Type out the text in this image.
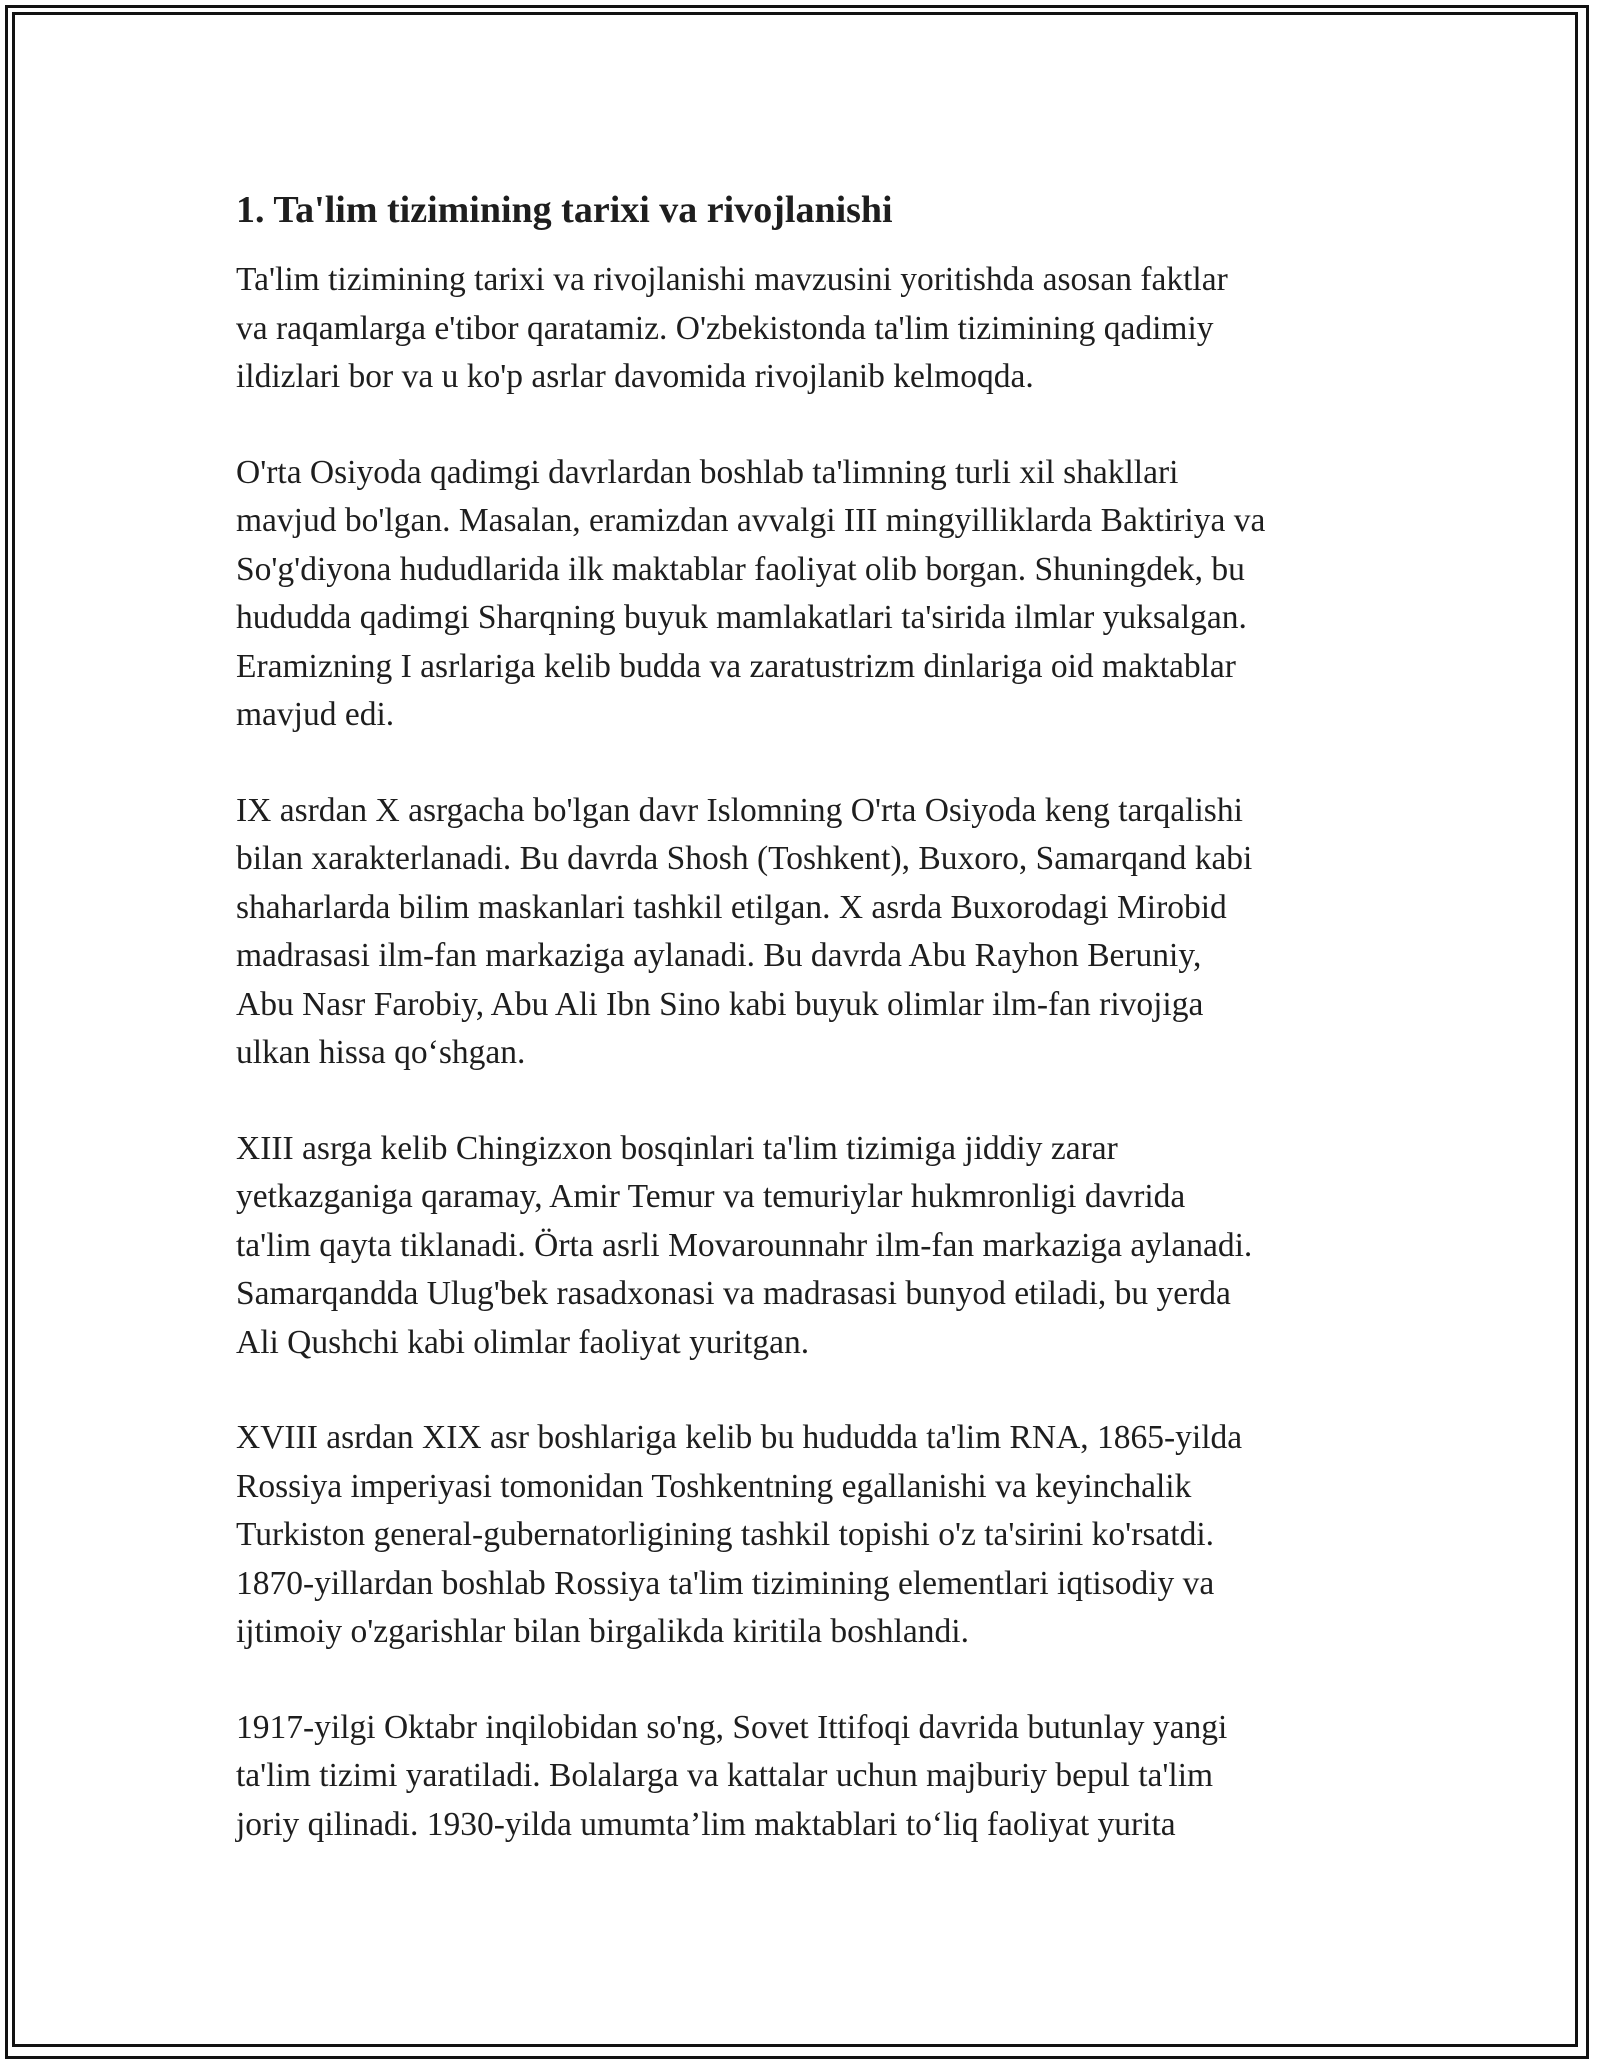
1. Ta'lim tizimining tarixi va rivojlanishi
Ta'lim tizimining tarixi va rivojlanishi mavzusini yoritishda asosan faktlar
va raqamlarga e'tibor qaratamiz. O'zbekistonda ta'lim tizimining qadimiy
ildizlari bor va u ko'p asrlar davomida rivojlanib kelmoqda.
O'rta Osiyoda qadimgi davrlardan boshlab ta'limning turli xil shakllari
mavjud bo'lgan. Masalan, eramizdan avvalgi III mingyilliklarda Baktiriya va
So'g'diyona hududlarida ilk maktablar faoliyat olib borgan. Shuningdek, bu
hududda qadimgi Sharqning buyuk mamlakatlari ta'sirida ilmlar yuksalgan.
Eramizning I asrlariga kelib budda va zaratustrizm dinlariga oid maktablar
mavjud edi.
IX asrdan X asrgacha bo'lgan davr Islomning O'rta Osiyoda keng tarqalishi
bilan xarakterlanadi. Bu davrda Shosh (Toshkent), Buxoro, Samarqand kabi
shaharlarda bilim maskanlari tashkil etilgan. X asrda Buxorodagi Mirobid
madrasasi ilm-fan markaziga aylanadi. Bu davrda Abu Rayhon Beruniy,
Abu Nasr Farobiy, Abu Ali Ibn Sino kabi buyuk olimlar ilm-fan rivojiga
ulkan hissa qo‘shgan.
XIII asrga kelib Chingizxon bosqinlari ta'lim tizimiga jiddiy zarar
yetkazganiga qaramay, Amir Temur va temuriylar hukmronligi davrida
ta'lim qayta tiklanadi. Örta asrli Movarounnahr ilm-fan markaziga aylanadi.
Samarqandda Ulug'bek rasadxonasi va madrasasi bunyod etiladi, bu yerda
Ali Qushchi kabi olimlar faoliyat yuritgan.
XVIII asrdan XIX asr boshlariga kelib bu hududda ta'lim RNA, 1865-yilda
Rossiya imperiyasi tomonidan Toshkentning egallanishi va keyinchalik
Turkiston general-gubernatorligining tashkil topishi o'z ta'sirini ko'rsatdi.
1870-yillardan boshlab Rossiya ta'lim tizimining elementlari iqtisodiy va
ijtimoiy o'zgarishlar bilan birgalikda kiritila boshlandi.
1917-yilgi Oktabr inqilobidan so'ng, Sovet Ittifoqi davrida butunlay yangi
ta'lim tizimi yaratiladi. Bolalarga va kattalar uchun majburiy bepul ta'lim
joriy qilinadi. 1930-yilda umumta’lim maktablari to‘liq faoliyat yurita
